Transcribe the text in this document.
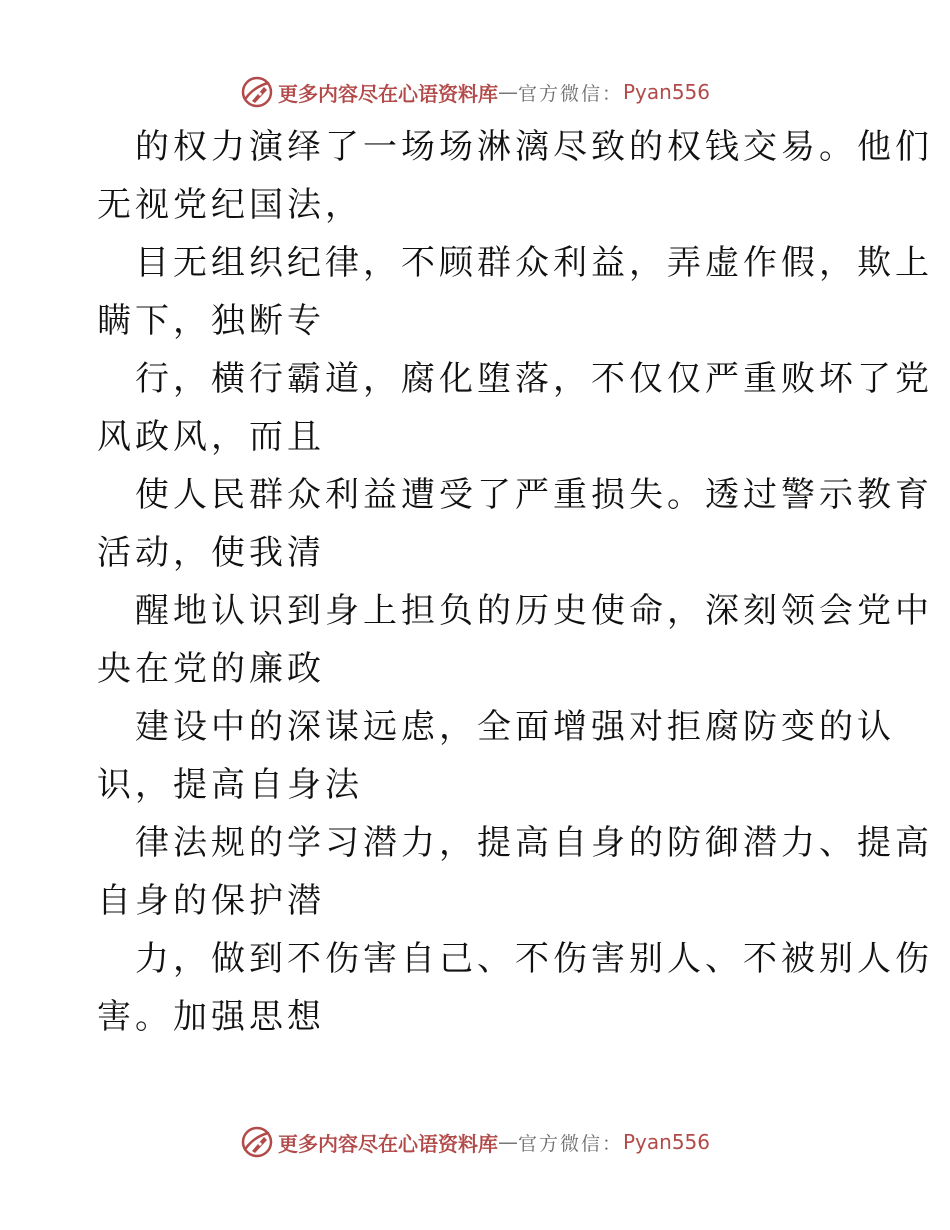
更多内容尽在心语资料库 — 官方微信： Pyan556
的权力演绎了一场场淋漓尽致的权钱交易。他们
无视党纪国法，
目无组织纪律，不顾群众利益，弄虚作假，欺上
瞒下，独断专
行，横行霸道，腐化堕落，不仅仅严重败坏了党
风政风，而且
使人民群众利益遭受了严重损失。透过警示教育
活动，使我清
醒地认识到身上担负的历史使命，深刻领会党中
央在党的廉政
建设中的深谋远虑，全面增强对拒腐防变的认
识，提高自身法
律法规的学习潜力，提高自身的防御潜力、提高
自身的保护潜
力，做到不伤害自己、不伤害别人、不被别人伤
害。加强思想
更多内容尽在心语资料库 — 官方微信： Pyan556
